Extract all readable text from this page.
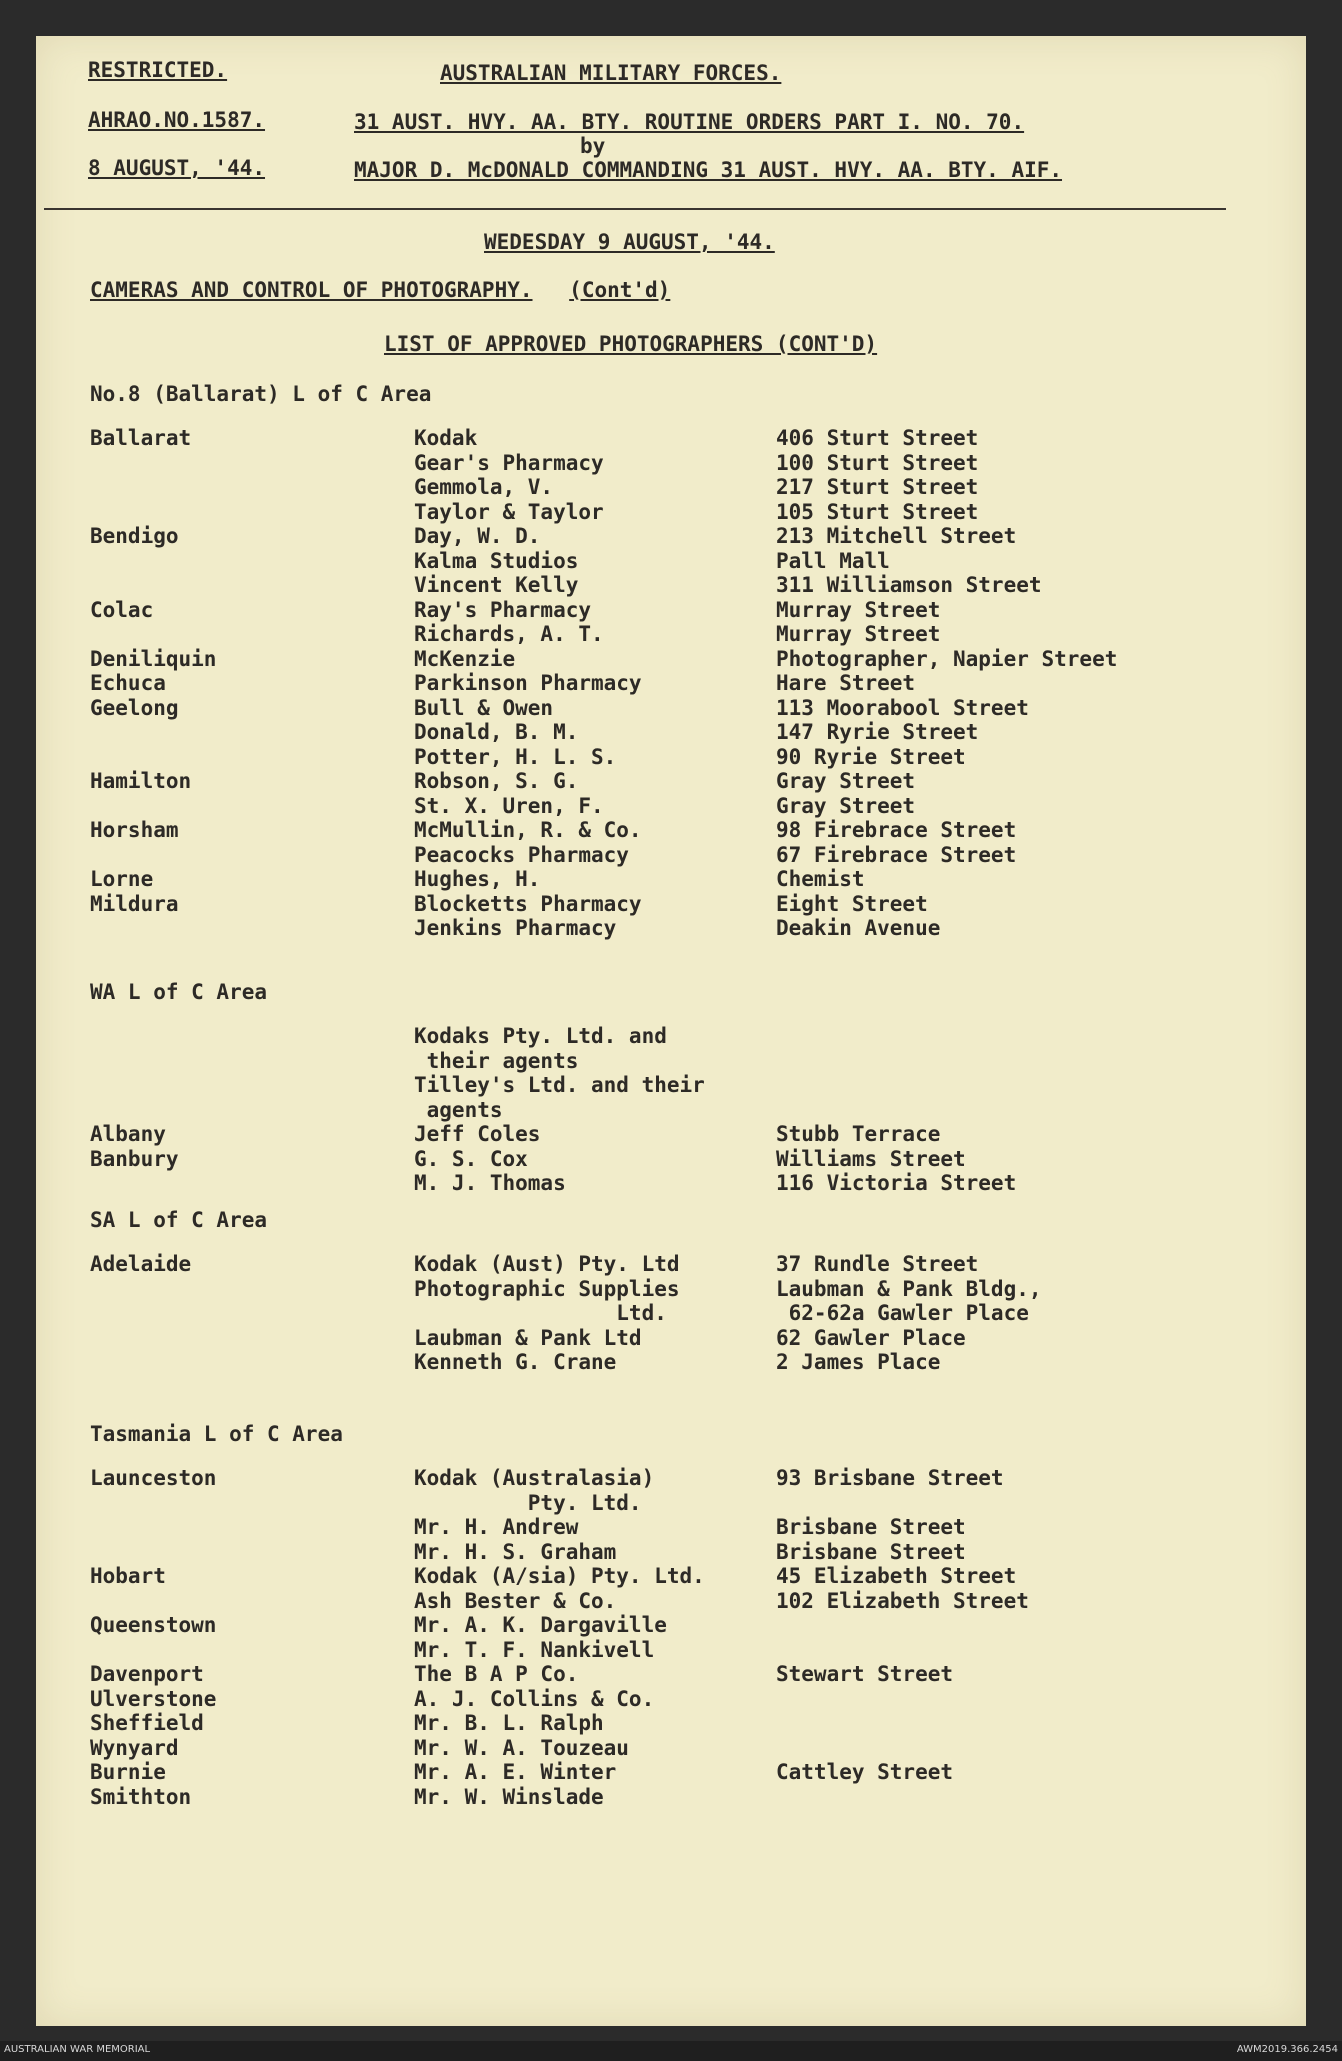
RESTRICTED.	AUSTRALIAN MILITARY FORCES.
AHRAO.NO.1587.	31 AUST. HVY. AA. BTY. ROUTINE ORDERS PART I. NO. 70.
by
8 AUGUST, '44.	MAJOR D. McDONALD COMMANDING 31 AUST. HVY. AA. BTY. AIF.
WEDESDAY 9 AUGUST, '44.
CAMERAS AND CONTROL OF PHOTOGRAPHY. (Cont'd)
LIST OF APPROVED PHOTOGRAPHERS (CONT'D)
No.8 (Ballarat) L of C Area
Ballarat	Kodak	406 Sturt Street
Gear's Pharmacy	100 Sturt Street
Gemmola, V.	217 Sturt Street
Taylor & Taylor	105 Sturt Street
Bendigo	Day, W. D.	213 Mitchell Street
Kalma Studios	Pall Mall
Vincent Kelly	311 Williamson Street
Colac	Ray's Pharmacy	Murray Street
Richards, A. T.	Murray Street
Deniliquin	McKenzie	Photographer, Napier Street
Echuca	Parkinson Pharmacy	Hare Street
Geelong	Bull & Owen	113 Moorabool Street
Donald, B. M.	147 Ryrie Street
Potter, H. L. S.	90 Ryrie Street
Hamilton	Robson, S. G.	Gray Street
St. X. Uren, F.	Gray Street
Horsham	McMullin, R. & Co.	98 Firebrace Street
Peacocks Pharmacy	67 Firebrace Street
Lorne	Hughes, H.	Chemist
Mildura	Blocketts Pharmacy	Eight Street
Jenkins Pharmacy	Deakin Avenue
WA L of C Area
Kodaks Pty. Ltd. and
their agents
Tilley's Ltd. and their
agents
Albany	Jeff Coles	Stubb Terrace
Banbury	G. S. Cox	Williams Street
M. J. Thomas	116 Victoria Street
SA L of C Area
Adelaide	Kodak (Aust) Pty. Ltd	37 Rundle Street
Photographic Supplies	Laubman & Pank Bldg.,
Ltd.	62-62a Gawler Place
Laubman & Pank Ltd	62 Gawler Place
Kenneth G. Crane	2 James Place
Tasmania L of C Area
Launceston	Kodak (Australasia)	93 Brisbane Street
Pty. Ltd.
Mr. H. Andrew	Brisbane Street
Mr. H. S. Graham	Brisbane Street
Hobart	Kodak (A/sia) Pty. Ltd.	45 Elizabeth Street
Ash Bester & Co.	102 Elizabeth Street
Queenstown	Mr. A. K. Dargaville
Mr. T. F. Nankivell
Davenport	The B A P Co.	Stewart Street
Ulverstone	A. J. Collins & Co.
Sheffield	Mr. B. L. Ralph
Wynyard	Mr. W. A. Touzeau
Burnie	Mr. A. E. Winter	Cattley Street
Smithton	Mr. W. Winslade
AUSTRALIAN WAR MEMORIAL	AWM2019.366.2454
